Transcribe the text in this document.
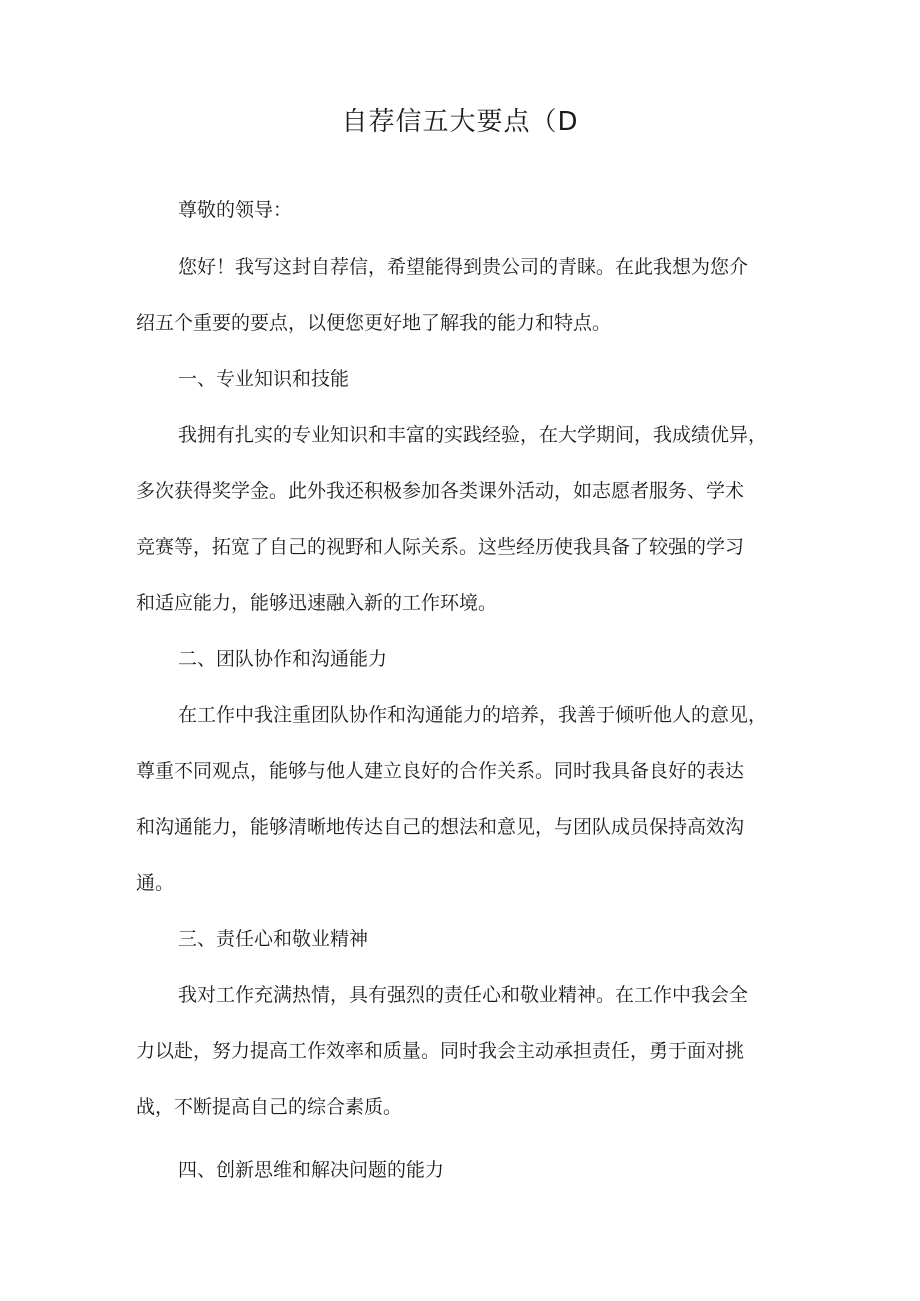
自荐信五大要点（D

尊敬的领导：

您好！我写这封自荐信，希望能得到贵公司的青睐。在此我想为您介

绍五个重要的要点，以便您更好地了解我的能力和特点。

一、专业知识和技能

我拥有扎实的专业知识和丰富的实践经验，在大学期间，我成绩优异，

多次获得奖学金。此外我还积极参加各类课外活动，如志愿者服务、学术

竞赛等，拓宽了自己的视野和人际关系。这些经历使我具备了较强的学习

和适应能力，能够迅速融入新的工作环境。

二、团队协作和沟通能力

在工作中我注重团队协作和沟通能力的培养，我善于倾听他人的意见，

尊重不同观点，能够与他人建立良好的合作关系。同时我具备良好的表达

和沟通能力，能够清晰地传达自己的想法和意见，与团队成员保持高效沟

通。

三、责任心和敬业精神

我对工作充满热情，具有强烈的责任心和敬业精神。在工作中我会全

力以赴，努力提高工作效率和质量。同时我会主动承担责任，勇于面对挑

战，不断提高自己的综合素质。

四、创新思维和解决问题的能力
